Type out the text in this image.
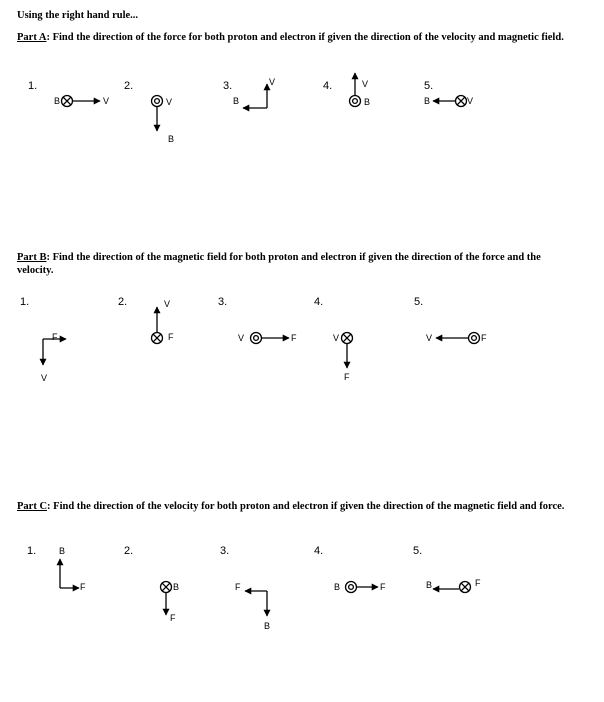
Using the right hand rule...
Part A: Find the direction of the force for both proton and electron if given the direction of the velocity and magnetic field.
Part B: Find the direction of the magnetic field for both proton and electron if given the direction of the force and the velocity.
Part C: Find the direction of the velocity for both proton and electron if given the direction of the magnetic field and force.
1.
B	V
2.
V
B
3.	V
B
4.	V
B
5.
B	V
1.
F
V
2.	V
F
3.
V	F
4.
V
F
5.
V	F
1.	B
F
2.
B
F
3.
F
B
4.
B	F
5.
B	F
